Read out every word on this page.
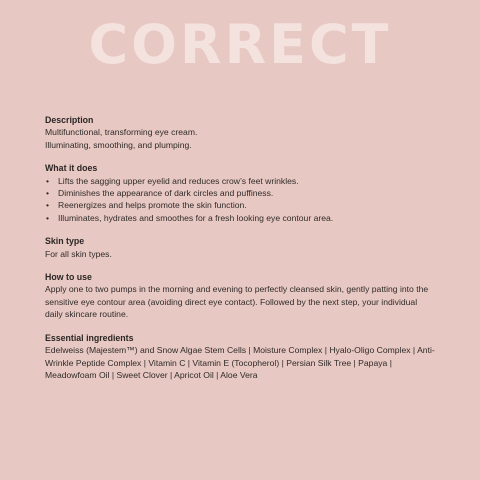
CORRECT

Description

Multifunctional, transforming eye cream.

Illuminating, smoothing, and plumping.

What it does

• Lifts the sagging upper eyelid and reduces crow’s feet wrinkles.
• Diminishes the appearance of dark circles and puffiness.
• Reenergizes and helps promote the skin function.
• Illuminates, hydrates and smoothes for a fresh looking eye contour area.

Skin type

For all skin types.

How to use

Apply one to two pumps in the morning and evening to perfectly cleansed skin, gently patting into the sensitive eye contour area (avoiding direct eye contact). Followed by the next step, your individual daily skincare routine.

Essential ingredients

Edelweiss (Majestem™) and Snow Algae Stem Cells | Moisture Complex | Hyalo-Oligo Complex | Anti-Wrinkle Peptide Complex | Vitamin C | Vitamin E (Tocopherol) | Persian Silk Tree | Papaya | Meadowfoam Oil | Sweet Clover | Apricot Oil | Aloe Vera
